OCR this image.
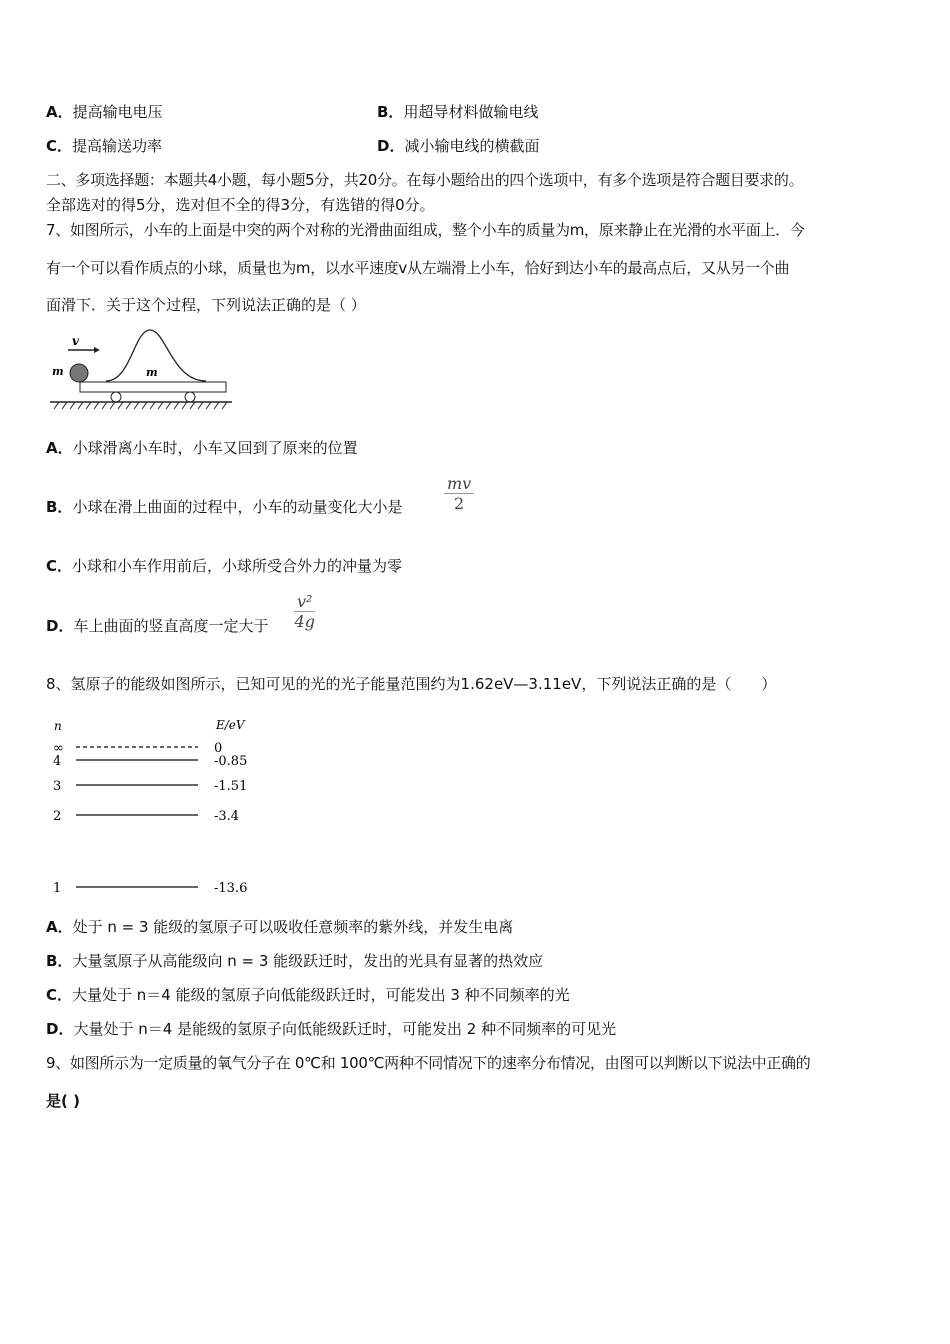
A．提高输电电压	B．用超导材料做输电线
C．提高输送功率	D．减小输电线的横截面
二、多项选择题：本题共4小题，每小题5分，共20分。在每小题给出的四个选项中，有多个选项是符合题目要求的。
全部选对的得5分，选对但不全的得3分，有选错的得0分。
7、如图所示，小车的上面是中突的两个对称的光滑曲面组成，整个小车的质量为m，原来静止在光滑的水平面上．今
有一个可以看作质点的小球，质量也为m，以水平速度v从左端滑上小车，恰好到达小车的最高点后，又从另一个曲
面滑下．关于这个过程，下列说法正确的是（ ）
v
m	m
A．小球滑离小车时，小车又回到了原来的位置
B．小球在滑上曲面的过程中，小车的动量变化大小是	$\frac{mv}{2}$
C．小球和小车作用前后，小球所受合外力的冲量为零
D．车上曲面的竖直高度一定大于 $\frac{\text{v²}}{4g}$
8、氢原子的能级如图所示，已知可见的光的光子能量范围约为1.62eV—3.11eV，下列说法正确的是（　　）
n	E/eV
∞	0
4	-0.85
3	-1.51
2	-3.4
1	-13.6
A．处于 n = 3 能级的氢原子可以吸收任意频率的紫外线，并发生电离
B．大量氢原子从高能级向 n = 3 能级跃迁时，发出的光具有显著的热效应
C．大量处于 n＝4 能级的氢原子向低能级跃迁时，可能发出 3 种不同频率的光
D．大量处于 n＝4 是能级的氢原子向低能级跃迁时，可能发出 2 种不同频率的可见光
9、如图所示为一定质量的氧气分子在 0℃和 100℃两种不同情况下的速率分布情况，由图可以判断以下说法中正确的
是( )
